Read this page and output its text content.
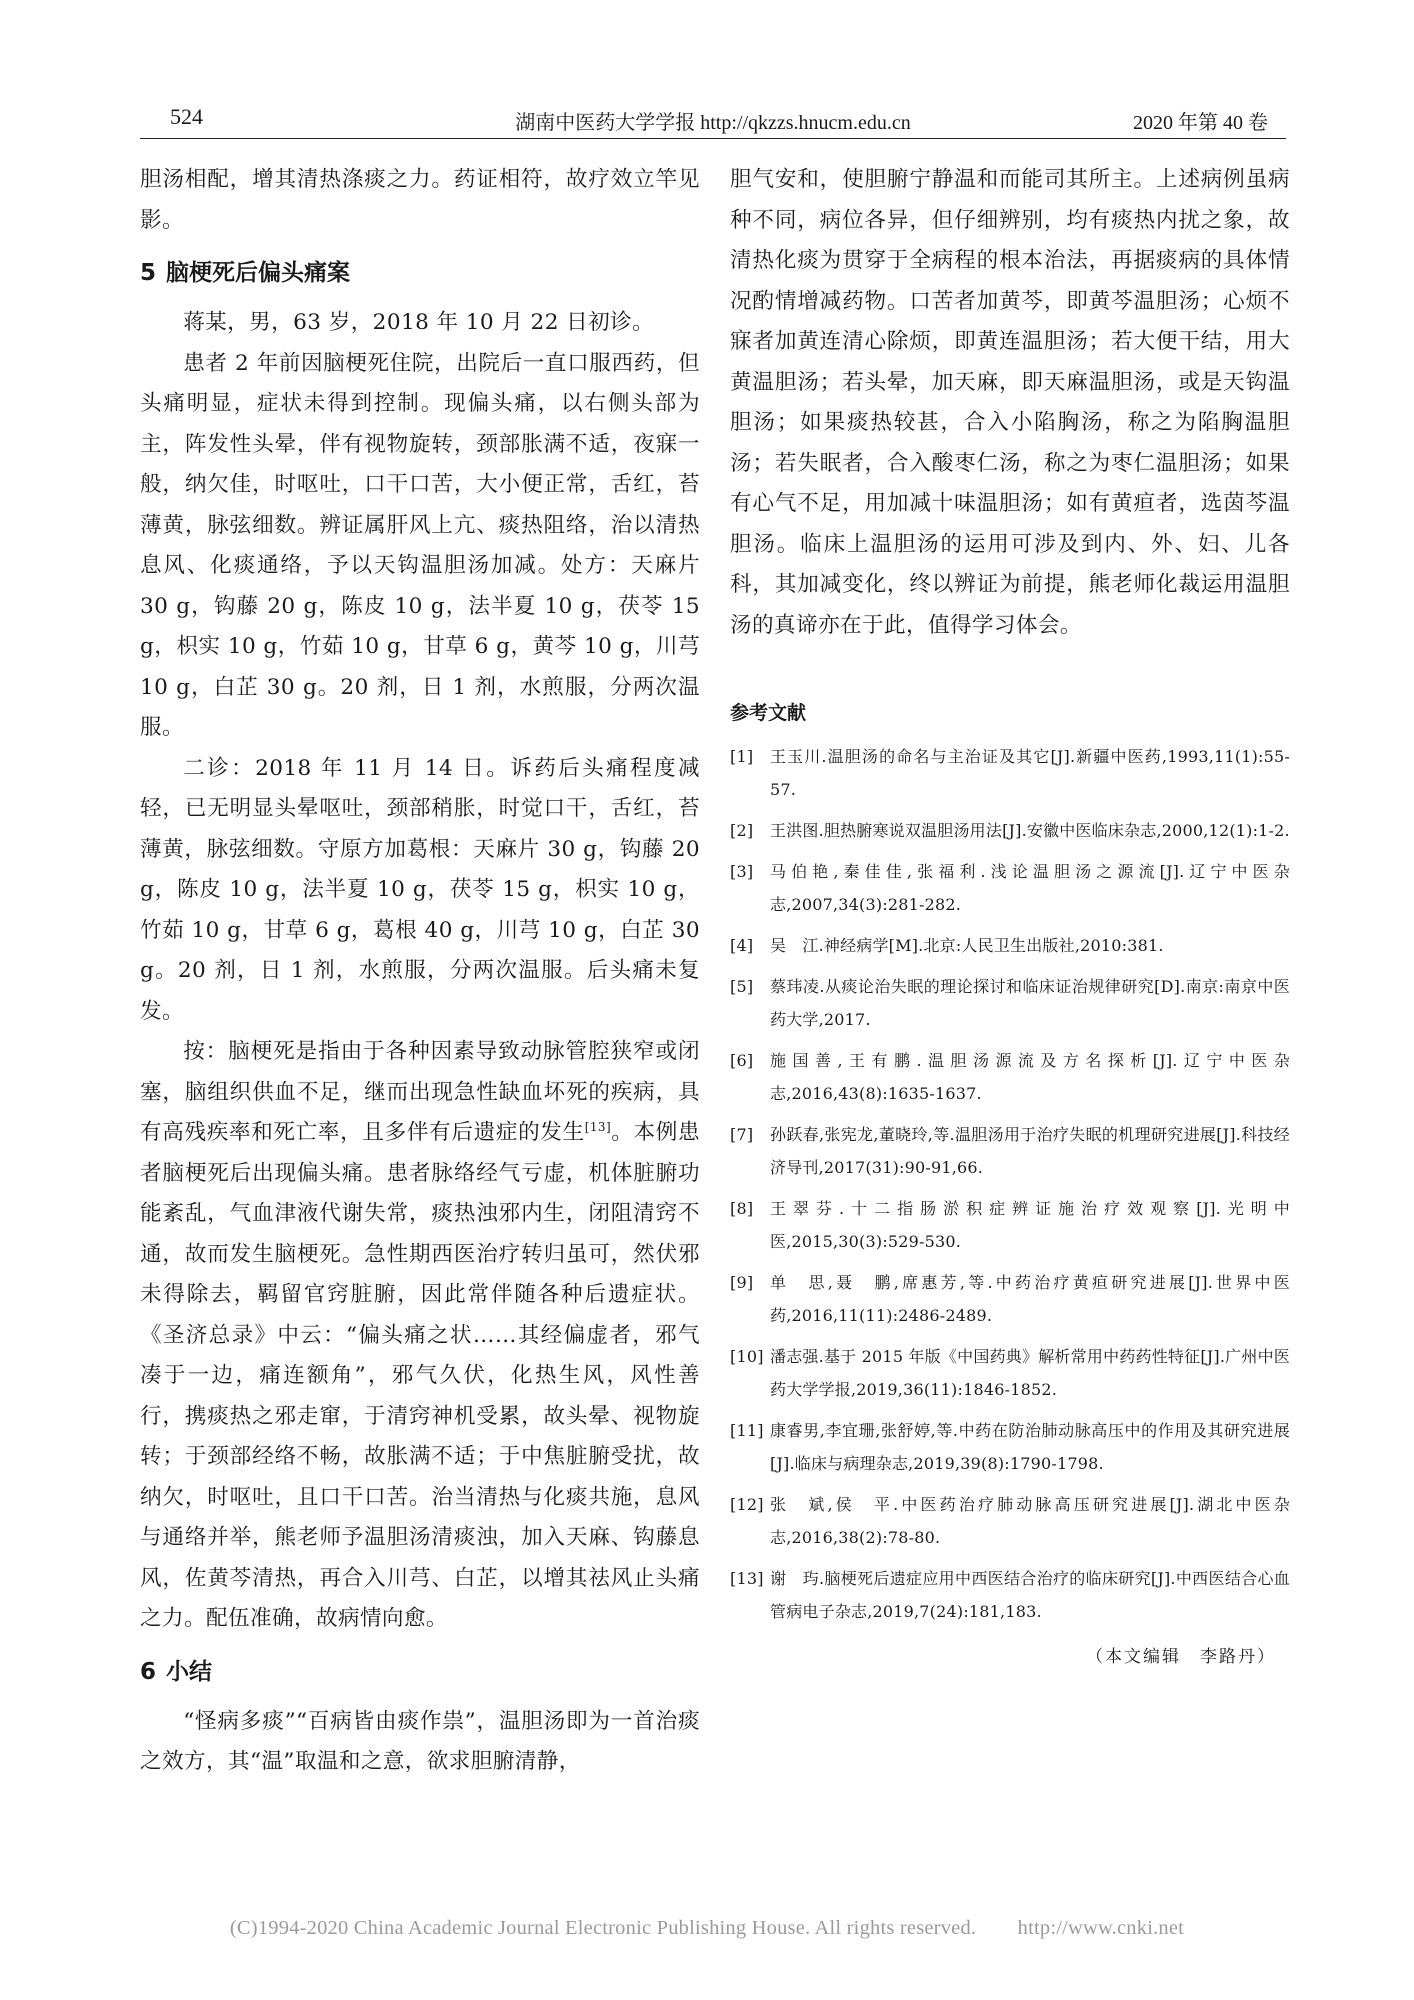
524	湖南中医药大学学报 http://qkzzs.hnucm.edu.cn	2020 年第 40 卷

胆汤相配，增其清热涤痰之力。药证相符，故疗效立竿见影。

5 脑梗死后偏头痛案

蒋某，男，63 岁，2018 年 10 月 22 日初诊。

患者 2 年前因脑梗死住院，出院后一直口服西药，但头痛明显，症状未得到控制。现偏头痛，以右侧头部为主，阵发性头晕，伴有视物旋转，颈部胀满不适，夜寐一般，纳欠佳，时呕吐，口干口苦，大小便正常，舌红，苔薄黄，脉弦细数。辨证属肝风上亢、痰热阻络，治以清热息风、化痰通络，予以天钩温胆汤加减。处方：天麻片 30 g，钩藤 20 g，陈皮 10 g，法半夏 10 g，茯苓 15 g，枳实 10 g，竹茹 10 g，甘草 6 g，黄芩 10 g，川芎 10 g，白芷 30 g。20 剂，日 1 剂，水煎服，分两次温服。

二诊：2018 年 11 月 14 日。诉药后头痛程度减轻，已无明显头晕呕吐，颈部稍胀，时觉口干，舌红，苔薄黄，脉弦细数。守原方加葛根：天麻片 30 g，钩藤 20 g，陈皮 10 g，法半夏 10 g，茯苓 15 g，枳实 10 g，竹茹 10 g，甘草 6 g，葛根 40 g，川芎 10 g，白芷 30 g。20 剂，日 1 剂，水煎服，分两次温服。后头痛未复发。

按：脑梗死是指由于各种因素导致动脉管腔狭窄或闭塞，脑组织供血不足，继而出现急性缺血坏死的疾病，具有高残疾率和死亡率，且多伴有后遗症的发生[13]。本例患者脑梗死后出现偏头痛。患者脉络经气亏虚，机体脏腑功能紊乱，气血津液代谢失常，痰热浊邪内生，闭阻清窍不通，故而发生脑梗死。急性期西医治疗转归虽可，然伏邪未得除去，羁留官窍脏腑，因此常伴随各种后遗症状。《圣济总录》中云：“偏头痛之状……其经偏虚者，邪气凑于一边，痛连额角”，邪气久伏，化热生风，风性善行，携痰热之邪走窜，于清窍神机受累，故头晕、视物旋转；于颈部经络不畅，故胀满不适；于中焦脏腑受扰，故纳欠，时呕吐，且口干口苦。治当清热与化痰共施，息风与通络并举，熊老师予温胆汤清痰浊，加入天麻、钩藤息风，佐黄芩清热，再合入川芎、白芷，以增其祛风止头痛之力。配伍准确，故病情向愈。

6 小结

“怪病多痰”“百病皆由痰作祟”，温胆汤即为一首治痰之效方，其“温”取温和之意，欲求胆腑清静，

胆气安和，使胆腑宁静温和而能司其所主。上述病例虽病种不同，病位各异，但仔细辨别，均有痰热内扰之象，故清热化痰为贯穿于全病程的根本治法，再据痰病的具体情况酌情增减药物。口苦者加黄芩，即黄芩温胆汤；心烦不寐者加黄连清心除烦，即黄连温胆汤；若大便干结，用大黄温胆汤；若头晕，加天麻，即天麻温胆汤，或是天钩温胆汤；如果痰热较甚，合入小陷胸汤，称之为陷胸温胆汤；若失眠者，合入酸枣仁汤，称之为枣仁温胆汤；如果有心气不足，用加减十味温胆汤；如有黄疸者，选茵芩温胆汤。临床上温胆汤的运用可涉及到内、外、妇、儿各科，其加减变化，终以辨证为前提，熊老师化裁运用温胆汤的真谛亦在于此，值得学习体会。

参考文献
[1] 王玉川.温胆汤的命名与主治证及其它[J].新疆中医药,1993,11(1):55-57.
[2] 王洪图.胆热腑寒说双温胆汤用法[J].安徽中医临床杂志,2000,12(1):1-2.
[3] 马伯艳,秦佳佳,张福利.浅论温胆汤之源流[J].辽宁中医杂志,2007,34(3):281-282.
[4] 吴　江.神经病学[M].北京:人民卫生出版社,2010:381.
[5] 蔡玮凌.从痰论治失眠的理论探讨和临床证治规律研究[D].南京:南京中医药大学,2017.
[6] 施国善,王有鹏.温胆汤源流及方名探析[J].辽宁中医杂志,2016,43(8):1635-1637.
[7] 孙跃春,张宪龙,董晓玲,等.温胆汤用于治疗失眠的机理研究进展[J].科技经济导刊,2017(31):90-91,66.
[8] 王翠芬.十二指肠淤积症辨证施治疗效观察[J].光明中医,2015,30(3):529-530.
[9] 单　思,聂　鹏,席惠芳,等.中药治疗黄疸研究进展[J].世界中医药,2016,11(11):2486-2489.
[10] 潘志强.基于 2015 年版《中国药典》解析常用中药药性特征[J].广州中医药大学学报,2019,36(11):1846-1852.
[11] 康睿男,李宜珊,张舒婷,等.中药在防治肺动脉高压中的作用及其研究进展[J].临床与病理杂志,2019,39(8):1790-1798.
[12] 张　斌,侯　平.中医药治疗肺动脉高压研究进展[J].湖北中医杂志,2016,38(2):78-80.
[13] 谢　玙.脑梗死后遗症应用中西医结合治疗的临床研究[J].中西医结合心血管病电子杂志,2019,7(24):181,183.
（本文编辑　李路丹）
(C)1994-2020 China Academic Journal Electronic Publishing House. All rights reserved.　　http://www.cnki.net
